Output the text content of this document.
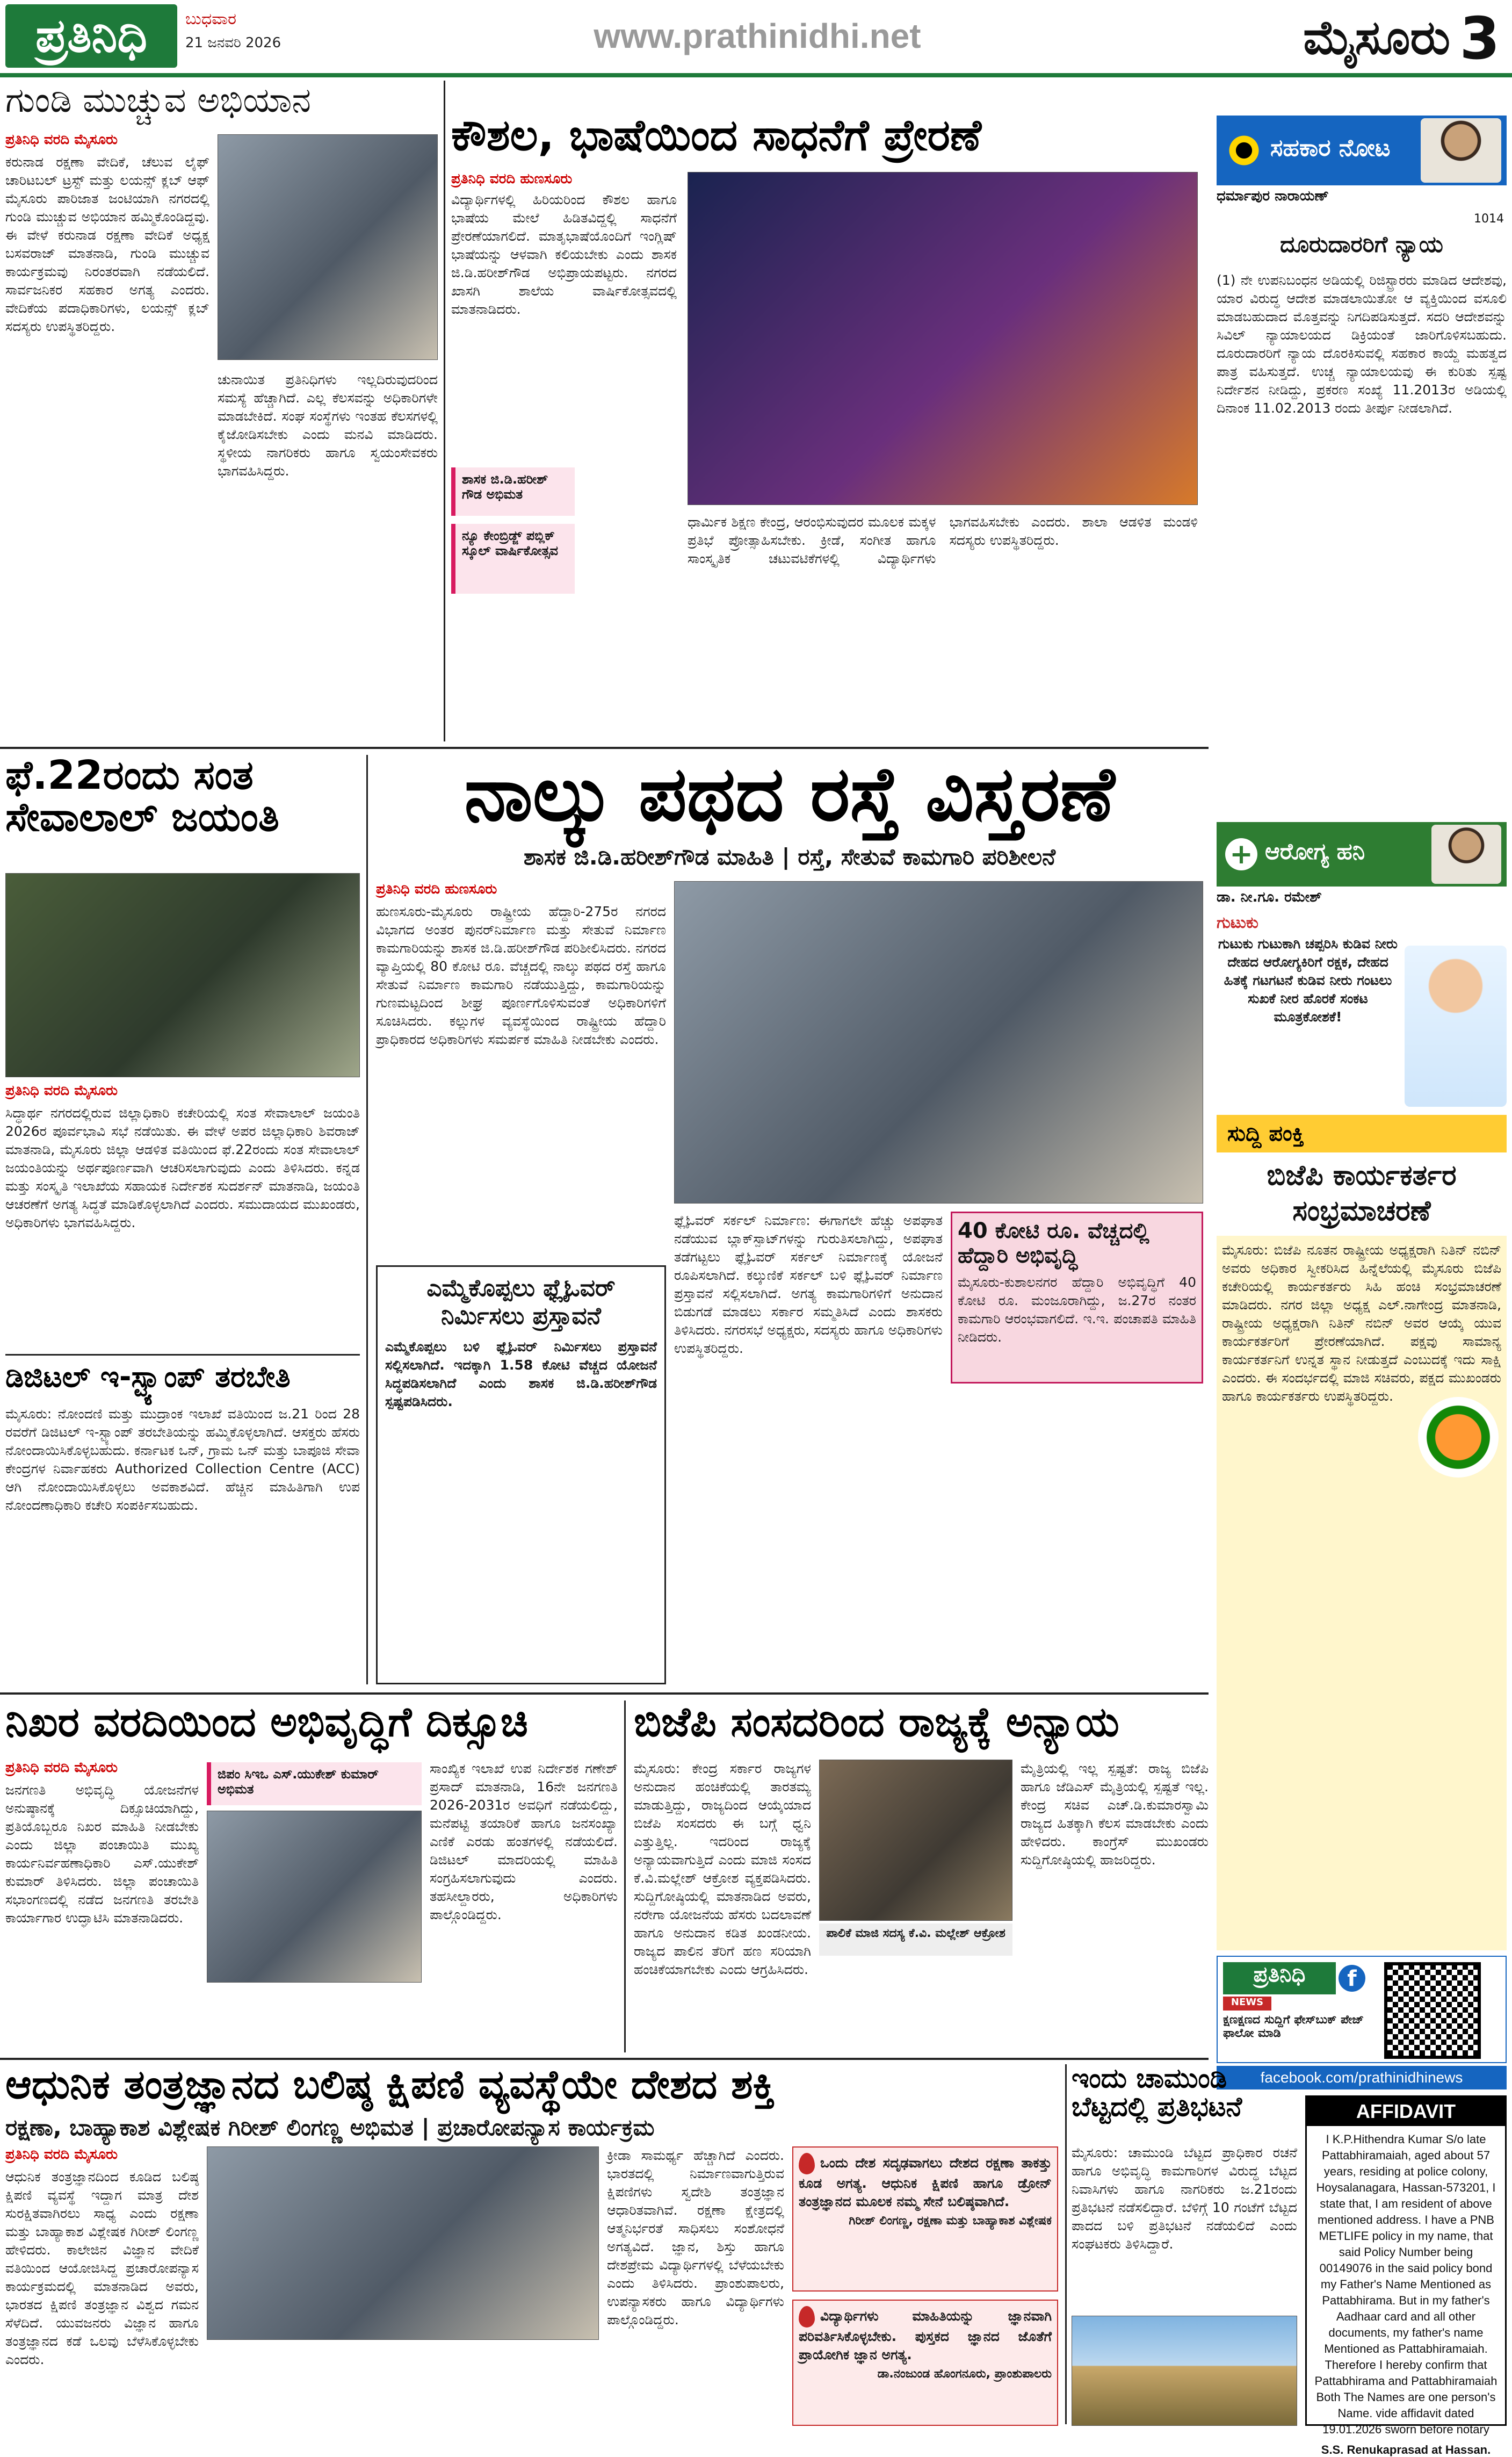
ಪ್ರತಿನಿಧಿ	ಬುಧವಾರ
21 ಜನವರಿ 2026	www.prathinidhi.net	ಮೈಸೂರು 3
ಗುಂಡಿ ಮುಚ್ಚುವ ಅಭಿಯಾನ
ಪ್ರತಿನಿಧಿ ವರದಿ ಮೈಸೂರು
ಕರುನಾಡ ರಕ್ಷಣಾ ವೇದಿಕೆ, ಚೆಲುವ ಲೈಫ್ ಚಾರಿಟಬಲ್ ಟ್ರಸ್ಟ್ ಮತ್ತು ಲಯನ್ಸ್ ಕ್ಲಬ್ ಆಫ್ ಮೈಸೂರು ಪಾರಿಜಾತ ಜಂಟಿಯಾಗಿ ನಗರದಲ್ಲಿ ಗುಂಡಿ ಮುಚ್ಚುವ ಅಭಿಯಾನ ಹಮ್ಮಿಕೊಂಡಿದ್ದವು. ಈ ವೇಳೆ ಕರುನಾಡ ರಕ್ಷಣಾ ವೇದಿಕೆ ಅಧ್ಯಕ್ಷ ಬಸವರಾಜ್ ಮಾತನಾಡಿ, ಗುಂಡಿ ಮುಚ್ಚುವ ಕಾರ್ಯಕ್ರಮವು ನಿರಂತರವಾಗಿ ನಡೆಯಲಿದೆ. ಸಾರ್ವಜನಿಕರ ಸಹಕಾರ ಅಗತ್ಯ ಎಂದರು. ವೇದಿಕೆಯ ಪದಾಧಿಕಾರಿಗಳು, ಲಯನ್ಸ್ ಕ್ಲಬ್ ಸದಸ್ಯರು ಉಪಸ್ಥಿತರಿದ್ದರು.
ಚುನಾಯಿತ ಪ್ರತಿನಿಧಿಗಳು ಇಲ್ಲದಿರುವುದರಿಂದ ಸಮಸ್ಯೆ ಹೆಚ್ಚಾಗಿದೆ. ಎಲ್ಲ ಕೆಲಸವನ್ನು ಅಧಿಕಾರಿಗಳೇ ಮಾಡಬೇಕಿದೆ. ಸಂಘ ಸಂಸ್ಥೆಗಳು ಇಂತಹ ಕೆಲಸಗಳಲ್ಲಿ ಕೈಜೋಡಿಸಬೇಕು ಎಂದು ಮನವಿ ಮಾಡಿದರು. ಸ್ಥಳೀಯ ನಾಗರಿಕರು ಹಾಗೂ ಸ್ವಯಂಸೇವಕರು ಭಾಗವಹಿಸಿದ್ದರು.
ಕೌಶಲ, ಭಾಷೆಯಿಂದ ಸಾಧನೆಗೆ ಪ್ರೇರಣೆ
ಪ್ರತಿನಿಧಿ ವರದಿ ಹುಣಸೂರು
ವಿದ್ಯಾರ್ಥಿಗಳಲ್ಲಿ ಹಿರಿಯರಿಂದ ಕೌಶಲ ಹಾಗೂ ಭಾಷೆಯ ಮೇಲೆ ಹಿಡಿತವಿದ್ದಲ್ಲಿ ಸಾಧನೆಗೆ ಪ್ರೇರಣೆಯಾಗಲಿದೆ. ಮಾತೃಭಾಷೆಯೊಂದಿಗೆ ಇಂಗ್ಲಿಷ್ ಭಾಷೆಯನ್ನು ಆಳವಾಗಿ ಕಲಿಯಬೇಕು ಎಂದು ಶಾಸಕ ಜಿ.ಡಿ.ಹರೀಶ್‌ಗೌಡ ಅಭಿಪ್ರಾಯಪಟ್ಟರು. ನಗರದ ಖಾಸಗಿ ಶಾಲೆಯ ವಾರ್ಷಿಕೋತ್ಸವದಲ್ಲಿ ಮಾತನಾಡಿದರು.
ಶಾಸಕ ಜಿ.ಡಿ.ಹರೀಶ್ ಗೌಡ ಅಭಿಮತ
ನ್ಯೂ ಕೇಂಬ್ರಿಡ್ಜ್ ಪಬ್ಲಿಕ್ ಸ್ಕೂಲ್ ವಾರ್ಷಿಕೋತ್ಸವ
ಧಾರ್ಮಿಕ ಶಿಕ್ಷಣ ಕೇಂದ್ರ, ಆರಂಭಿಸುವುದರ ಮೂಲಕ ಮಕ್ಕಳ ಪ್ರತಿಭೆ ಪ್ರೋತ್ಸಾಹಿಸಬೇಕು. ಕ್ರೀಡೆ, ಸಂಗೀತ ಹಾಗೂ ಸಾಂಸ್ಕೃತಿಕ ಚಟುವಟಿಕೆಗಳಲ್ಲಿ ವಿದ್ಯಾರ್ಥಿಗಳು ಭಾಗವಹಿಸಬೇಕು ಎಂದರು. ಶಾಲಾ ಆಡಳಿತ ಮಂಡಳಿ ಸದಸ್ಯರು ಉಪಸ್ಥಿತರಿದ್ದರು.
ಸಹಕಾರ ನೋಟ
ಧರ್ಮಾಪುರ ನಾರಾಯಣ್
1014
ದೂರುದಾರರಿಗೆ ನ್ಯಾಯ
(1) ನೇ ಉಪನಿಬಂಧನ ಅಡಿಯಲ್ಲಿ ರಿಜಿಸ್ಟ್ರಾರರು ಮಾಡಿದ ಆದೇಶವು, ಯಾರ ವಿರುದ್ಧ ಆದೇಶ ಮಾಡಲಾಯಿತೋ ಆ ವ್ಯಕ್ತಿಯಿಂದ ವಸೂಲಿ ಮಾಡಬಹುದಾದ ಮೊತ್ತವನ್ನು ನಿಗದಿಪಡಿಸುತ್ತದೆ. ಸದರಿ ಆದೇಶವನ್ನು ಸಿವಿಲ್ ನ್ಯಾಯಾಲಯದ ಡಿಕ್ರಿಯಂತೆ ಜಾರಿಗೊಳಿಸಬಹುದು. ದೂರುದಾರರಿಗೆ ನ್ಯಾಯ ದೊರಕಿಸುವಲ್ಲಿ ಸಹಕಾರ ಕಾಯ್ದೆ ಮಹತ್ವದ ಪಾತ್ರ ವಹಿಸುತ್ತದೆ. ಉಚ್ಚ ನ್ಯಾಯಾಲಯವು ಈ ಕುರಿತು ಸ್ಪಷ್ಟ ನಿರ್ದೇಶನ ನೀಡಿದ್ದು, ಪ್ರಕರಣ ಸಂಖ್ಯೆ 11.2013ರ ಅಡಿಯಲ್ಲಿ ದಿನಾಂಕ 11.02.2013 ರಂದು ತೀರ್ಪು ನೀಡಲಾಗಿದೆ.
ಫೆ.22ರಂದು ಸಂತ ಸೇವಾಲಾಲ್ ಜಯಂತಿ
ಪ್ರತಿನಿಧಿ ವರದಿ ಮೈಸೂರು
ಸಿದ್ಧಾರ್ಥ ನಗರದಲ್ಲಿರುವ ಜಿಲ್ಲಾಧಿಕಾರಿ ಕಚೇರಿಯಲ್ಲಿ ಸಂತ ಸೇವಾಲಾಲ್ ಜಯಂತಿ 2026ರ ಪೂರ್ವಭಾವಿ ಸಭೆ ನಡೆಯಿತು. ಈ ವೇಳೆ ಅಪರ ಜಿಲ್ಲಾಧಿಕಾರಿ ಶಿವರಾಜ್ ಮಾತನಾಡಿ, ಮೈಸೂರು ಜಿಲ್ಲಾ ಆಡಳಿತ ವತಿಯಿಂದ ಫೆ.22ರಂದು ಸಂತ ಸೇವಾಲಾಲ್ ಜಯಂತಿಯನ್ನು ಅರ್ಥಪೂರ್ಣವಾಗಿ ಆಚರಿಸಲಾಗುವುದು ಎಂದು ತಿಳಿಸಿದರು. ಕನ್ನಡ ಮತ್ತು ಸಂಸ್ಕೃತಿ ಇಲಾಖೆಯ ಸಹಾಯಕ ನಿರ್ದೇಶಕ ಸುದರ್ಶನ್ ಮಾತನಾಡಿ, ಜಯಂತಿ ಆಚರಣೆಗೆ ಅಗತ್ಯ ಸಿದ್ಧತೆ ಮಾಡಿಕೊಳ್ಳಲಾಗಿದೆ ಎಂದರು. ಸಮುದಾಯದ ಮುಖಂಡರು, ಅಧಿಕಾರಿಗಳು ಭಾಗವಹಿಸಿದ್ದರು.
ಡಿಜಿಟಲ್ ಇ-ಸ್ಟ್ಯಾಂಪ್ ತರಬೇತಿ
ಮೈಸೂರು: ನೋಂದಣಿ ಮತ್ತು ಮುದ್ರಾಂಕ ಇಲಾಖೆ ವತಿಯಿಂದ ಜ.21 ರಿಂದ 28 ರವರೆಗೆ ಡಿಜಿಟಲ್ ಇ-ಸ್ಟ್ಯಾಂಪ್ ತರಬೇತಿಯನ್ನು ಹಮ್ಮಿಕೊಳ್ಳಲಾಗಿದೆ. ಆಸಕ್ತರು ಹೆಸರು ನೋಂದಾಯಿಸಿಕೊಳ್ಳಬಹುದು. ಕರ್ನಾಟಕ ಒನ್, ಗ್ರಾಮ ಒನ್ ಮತ್ತು ಬಾಪೂಜಿ ಸೇವಾ ಕೇಂದ್ರಗಳ ನಿರ್ವಾಹಕರು Authorized Collection Centre (ACC) ಆಗಿ ನೋಂದಾಯಿಸಿಕೊಳ್ಳಲು ಅವಕಾಶವಿದೆ. ಹೆಚ್ಚಿನ ಮಾಹಿತಿಗಾಗಿ ಉಪ ನೋಂದಣಾಧಿಕಾರಿ ಕಚೇರಿ ಸಂಪರ್ಕಿಸಬಹುದು.
ನಾಲ್ಕು ಪಥದ ರಸ್ತೆ ವಿಸ್ತರಣೆ
ಶಾಸಕ ಜಿ.ಡಿ.ಹರೀಶ್‌ಗೌಡ ಮಾಹಿತಿ | ರಸ್ತೆ, ಸೇತುವೆ ಕಾಮಗಾರಿ ಪರಿಶೀಲನೆ
ಪ್ರತಿನಿಧಿ ವರದಿ ಹುಣಸೂರು
ಹುಣಸೂರು-ಮೈಸೂರು ರಾಷ್ಟ್ರೀಯ ಹೆದ್ದಾರಿ-275ರ ನಗರದ ವಿಭಾಗದ ಅಂತರ ಪುನರ್‌ನಿರ್ಮಾಣ ಮತ್ತು ಸೇತುವೆ ನಿರ್ಮಾಣ ಕಾಮಗಾರಿಯನ್ನು ಶಾಸಕ ಜಿ.ಡಿ.ಹರೀಶ್‌ಗೌಡ ಪರಿಶೀಲಿಸಿದರು. ನಗರದ ವ್ಯಾಪ್ತಿಯಲ್ಲಿ 80 ಕೋಟಿ ರೂ. ವೆಚ್ಚದಲ್ಲಿ ನಾಲ್ಕು ಪಥದ ರಸ್ತೆ ಹಾಗೂ ಸೇತುವೆ ನಿರ್ಮಾಣ ಕಾಮಗಾರಿ ನಡೆಯುತ್ತಿದ್ದು, ಕಾಮಗಾರಿಯನ್ನು ಗುಣಮಟ್ಟದಿಂದ ಶೀಘ್ರ ಪೂರ್ಣಗೊಳಿಸುವಂತೆ ಅಧಿಕಾರಿಗಳಿಗೆ ಸೂಚಿಸಿದರು. ಕಲ್ಲುಗಳ ವ್ಯವಸ್ಥೆಯಿಂದ ರಾಷ್ಟ್ರೀಯ ಹೆದ್ದಾರಿ ಪ್ರಾಧಿಕಾರದ ಅಧಿಕಾರಿಗಳು ಸಮರ್ಪಕ ಮಾಹಿತಿ ನೀಡಬೇಕು ಎಂದರು.
ಫ್ಲೈಓವರ್ ಸರ್ಕಲ್ ನಿರ್ಮಾಣ: ಈಗಾಗಲೇ ಹೆಚ್ಚು ಅಪಘಾತ ನಡೆಯುವ ಬ್ಲಾಕ್‌ಸ್ಪಾಟ್‌ಗಳನ್ನು ಗುರುತಿಸಲಾಗಿದ್ದು, ಅಪಘಾತ ತಡೆಗಟ್ಟಲು ಫ್ಲೈಓವರ್ ಸರ್ಕಲ್ ನಿರ್ಮಾಣಕ್ಕೆ ಯೋಜನೆ ರೂಪಿಸಲಾಗಿದೆ. ಕಲ್ಕುಣಿಕೆ ಸರ್ಕಲ್ ಬಳಿ ಫ್ಲೈಓವರ್ ನಿರ್ಮಾಣ ಪ್ರಸ್ತಾವನೆ ಸಲ್ಲಿಸಲಾಗಿದೆ. ಅಗತ್ಯ ಕಾಮಗಾರಿಗಳಿಗೆ ಅನುದಾನ ಬಿಡುಗಡೆ ಮಾಡಲು ಸರ್ಕಾರ ಸಮ್ಮತಿಸಿದೆ ಎಂದು ಶಾಸಕರು ತಿಳಿಸಿದರು. ನಗರಸಭೆ ಅಧ್ಯಕ್ಷರು, ಸದಸ್ಯರು ಹಾಗೂ ಅಧಿಕಾರಿಗಳು ಉಪಸ್ಥಿತರಿದ್ದರು.
40 ಕೋಟಿ ರೂ. ವೆಚ್ಚದಲ್ಲಿ ಹೆದ್ದಾರಿ ಅಭಿವೃದ್ಧಿ
ಮೈಸೂರು-ಕುಶಾಲನಗರ ಹೆದ್ದಾರಿ ಅಭಿವೃದ್ಧಿಗೆ 40 ಕೋಟಿ ರೂ. ಮಂಜೂರಾಗಿದ್ದು, ಜ.27ರ ನಂತರ ಕಾಮಗಾರಿ ಆರಂಭವಾಗಲಿದೆ. ಇ.ಇ. ಪಂಚಾಪತಿ ಮಾಹಿತಿ ನೀಡಿದರು.
ಎಮ್ಮೆಕೊಪ್ಪಲು ಫ್ಲೈಓವರ್ ನಿರ್ಮಿಸಲು ಪ್ರಸ್ತಾವನೆ
ಎಮ್ಮೆಕೊಪ್ಪಲು ಬಳಿ ಫ್ಲೈಓವರ್ ನಿರ್ಮಿಸಲು ಪ್ರಸ್ತಾವನೆ ಸಲ್ಲಿಸಲಾಗಿದೆ. ಇದಕ್ಕಾಗಿ 1.58 ಕೋಟಿ ವೆಚ್ಚದ ಯೋಜನೆ ಸಿದ್ಧಪಡಿಸಲಾಗಿದೆ ಎಂದು ಶಾಸಕ ಜಿ.ಡಿ.ಹರೀಶ್‌ಗೌಡ ಸ್ಪಷ್ಟಪಡಿಸಿದರು.
+ ಆರೋಗ್ಯ ಹನಿ
ಡಾ. ನೀ.ಗೂ. ರಮೇಶ್
ಗುಟುಕು
ಗುಟುಕು ಗುಟುಕಾಗಿ ಚಪ್ಪರಿಸಿ ಕುಡಿವ ನೀರು ದೇಹದ ಆರೋಗ್ಯಕಿರಿಗೆ ರಕ್ಷಕ, ದೇಹದ ಹಿತಕ್ಕೆ ಗಟಗಟನೆ ಕುಡಿವ ನೀರು ಗಂಟಲು ಸುಖಕೆ ನೀರ ಹೊರಕೆ ಸಂಕಟ ಮೂತ್ರಕೋಶಕೆ!
ಸುದ್ದಿ ಪಂಕ್ತಿ
ಬಿಜೆಪಿ ಕಾರ್ಯಕರ್ತರ ಸಂಭ್ರಮಾಚರಣೆ
ಮೈಸೂರು: ಬಿಜೆಪಿ ನೂತನ ರಾಷ್ಟ್ರೀಯ ಅಧ್ಯಕ್ಷರಾಗಿ ನಿತಿನ್ ನಬಿನ್ ಅವರು ಅಧಿಕಾರ ಸ್ವೀಕರಿಸಿದ ಹಿನ್ನೆಲೆಯಲ್ಲಿ ಮೈಸೂರು ಬಿಜೆಪಿ ಕಚೇರಿಯಲ್ಲಿ ಕಾರ್ಯಕರ್ತರು ಸಿಹಿ ಹಂಚಿ ಸಂಭ್ರಮಾಚರಣೆ ಮಾಡಿದರು. ನಗರ ಜಿಲ್ಲಾ ಅಧ್ಯಕ್ಷ ಎಲ್.ನಾಗೇಂದ್ರ ಮಾತನಾಡಿ, ರಾಷ್ಟ್ರೀಯ ಅಧ್ಯಕ್ಷರಾಗಿ ನಿತಿನ್ ನಬಿನ್ ಅವರ ಆಯ್ಕೆ ಯುವ ಕಾರ್ಯಕರ್ತರಿಗೆ ಪ್ರೇರಣೆಯಾಗಿದೆ. ಪಕ್ಷವು ಸಾಮಾನ್ಯ ಕಾರ್ಯಕರ್ತನಿಗೆ ಉನ್ನತ ಸ್ಥಾನ ನೀಡುತ್ತದೆ ಎಂಬುದಕ್ಕೆ ಇದು ಸಾಕ್ಷಿ ಎಂದರು. ಈ ಸಂದರ್ಭದಲ್ಲಿ ಮಾಜಿ ಸಚಿವರು, ಪಕ್ಷದ ಮುಖಂಡರು ಹಾಗೂ ಕಾರ್ಯಕರ್ತರು ಉಪಸ್ಥಿತರಿದ್ದರು.
ನಿಖರ ವರದಿಯಿಂದ ಅಭಿವೃದ್ಧಿಗೆ ದಿಕ್ಸೂಚಿ
ಪ್ರತಿನಿಧಿ ವರದಿ ಮೈಸೂರು
ಜನಗಣತಿ ಅಭಿವೃದ್ಧಿ ಯೋಜನೆಗಳ ಅನುಷ್ಠಾನಕ್ಕೆ ದಿಕ್ಸೂಚಿಯಾಗಿದ್ದು, ಪ್ರತಿಯೊಬ್ಬರೂ ನಿಖರ ಮಾಹಿತಿ ನೀಡಬೇಕು ಎಂದು ಜಿಲ್ಲಾ ಪಂಚಾಯಿತಿ ಮುಖ್ಯ ಕಾರ್ಯನಿರ್ವಹಣಾಧಿಕಾರಿ ಎಸ್.ಯುಕೇಶ್ ಕುಮಾರ್ ತಿಳಿಸಿದರು. ಜಿಲ್ಲಾ ಪಂಚಾಯಿತಿ ಸಭಾಂಗಣದಲ್ಲಿ ನಡೆದ ಜನಗಣತಿ ತರಬೇತಿ ಕಾರ್ಯಾಗಾರ ಉದ್ಘಾಟಿಸಿ ಮಾತನಾಡಿದರು.
ಜಿಪಂ ಸಿಇಒ ಎಸ್.ಯುಕೇಶ್ ಕುಮಾರ್ ಅಭಿಮತ
ಸಾಂಖ್ಯಿಕ ಇಲಾಖೆ ಉಪ ನಿರ್ದೇಶಕ ಗಣೇಶ್ ಪ್ರಸಾದ್ ಮಾತನಾಡಿ, 16ನೇ ಜನಗಣತಿ 2026-2031ರ ಅವಧಿಗೆ ನಡೆಯಲಿದ್ದು, ಮನೆಪಟ್ಟಿ ತಯಾರಿಕೆ ಹಾಗೂ ಜನಸಂಖ್ಯಾ ಎಣಿಕೆ ಎರಡು ಹಂತಗಳಲ್ಲಿ ನಡೆಯಲಿದೆ. ಡಿಜಿಟಲ್ ಮಾದರಿಯಲ್ಲಿ ಮಾಹಿತಿ ಸಂಗ್ರಹಿಸಲಾಗುವುದು ಎಂದರು. ತಹಸೀಲ್ದಾರರು, ಅಧಿಕಾರಿಗಳು ಪಾಲ್ಗೊಂಡಿದ್ದರು.
ಬಿಜೆಪಿ ಸಂಸದರಿಂದ ರಾಜ್ಯಕ್ಕೆ ಅನ್ಯಾಯ
ಮೈಸೂರು: ಕೇಂದ್ರ ಸರ್ಕಾರ ರಾಜ್ಯಗಳ ಅನುದಾನ ಹಂಚಿಕೆಯಲ್ಲಿ ತಾರತಮ್ಯ ಮಾಡುತ್ತಿದ್ದು, ರಾಜ್ಯದಿಂದ ಆಯ್ಕೆಯಾದ ಬಿಜೆಪಿ ಸಂಸದರು ಈ ಬಗ್ಗೆ ಧ್ವನಿ ಎತ್ತುತ್ತಿಲ್ಲ. ಇದರಿಂದ ರಾಜ್ಯಕ್ಕೆ ಅನ್ಯಾಯವಾಗುತ್ತಿದೆ ಎಂದು ಮಾಜಿ ಸಂಸದ ಕೆ.ವಿ.ಮಲ್ಲೇಶ್ ಆಕ್ರೋಶ ವ್ಯಕ್ತಪಡಿಸಿದರು. ಸುದ್ದಿಗೋಷ್ಠಿಯಲ್ಲಿ ಮಾತನಾಡಿದ ಅವರು, ನರೇಗಾ ಯೋಜನೆಯ ಹೆಸರು ಬದಲಾವಣೆ ಹಾಗೂ ಅನುದಾನ ಕಡಿತ ಖಂಡನೀಯ. ರಾಜ್ಯದ ಪಾಲಿನ ತೆರಿಗೆ ಹಣ ಸರಿಯಾಗಿ ಹಂಚಿಕೆಯಾಗಬೇಕು ಎಂದು ಆಗ್ರಹಿಸಿದರು.
ಪಾಲಿಕೆ ಮಾಜಿ ಸದಸ್ಯ ಕೆ.ವಿ. ಮಲ್ಲೇಶ್ ಆಕ್ರೋಶ
ಮೈತ್ರಿಯಲ್ಲಿ ಇಲ್ಲ ಸ್ಪಷ್ಟತೆ: ರಾಜ್ಯ ಬಿಜೆಪಿ ಹಾಗೂ ಜೆಡಿಎಸ್ ಮೈತ್ರಿಯಲ್ಲಿ ಸ್ಪಷ್ಟತೆ ಇಲ್ಲ. ಕೇಂದ್ರ ಸಚಿವ ಎಚ್.ಡಿ.ಕುಮಾರಸ್ವಾಮಿ ರಾಜ್ಯದ ಹಿತಕ್ಕಾಗಿ ಕೆಲಸ ಮಾಡಬೇಕು ಎಂದು ಹೇಳಿದರು. ಕಾಂಗ್ರೆಸ್ ಮುಖಂಡರು ಸುದ್ದಿಗೋಷ್ಠಿಯಲ್ಲಿ ಹಾಜರಿದ್ದರು.
ಪ್ರತಿನಿಧಿ
NEWS
f
ಕ್ಷಣಕ್ಷಣದ ಸುದ್ದಿಗೆ ಫೇಸ್‌ಬುಕ್ ಪೇಜ್ ಫಾಲೋ ಮಾಡಿ
facebook.com/prathinidhinews
ಆಧುನಿಕ ತಂತ್ರಜ್ಞಾನದ ಬಲಿಷ್ಠ ಕ್ಷಿಪಣಿ ವ್ಯವಸ್ಥೆಯೇ ದೇಶದ ಶಕ್ತಿ
ರಕ್ಷಣಾ, ಬಾಹ್ಯಾಕಾಶ ವಿಶ್ಲೇಷಕ ಗಿರೀಶ್ ಲಿಂಗಣ್ಣ ಅಭಿಮತ | ಪ್ರಚಾರೋಪನ್ಯಾಸ ಕಾರ್ಯಕ್ರಮ
ಪ್ರತಿನಿಧಿ ವರದಿ ಮೈಸೂರು
ಆಧುನಿಕ ತಂತ್ರಜ್ಞಾನದಿಂದ ಕೂಡಿದ ಬಲಿಷ್ಠ ಕ್ಷಿಪಣಿ ವ್ಯವಸ್ಥೆ ಇದ್ದಾಗ ಮಾತ್ರ ದೇಶ ಸುರಕ್ಷಿತವಾಗಿರಲು ಸಾಧ್ಯ ಎಂದು ರಕ್ಷಣಾ ಮತ್ತು ಬಾಹ್ಯಾಕಾಶ ವಿಶ್ಲೇಷಕ ಗಿರೀಶ್ ಲಿಂಗಣ್ಣ ಹೇಳಿದರು. ಕಾಲೇಜಿನ ವಿಜ್ಞಾನ ವೇದಿಕೆ ವತಿಯಿಂದ ಆಯೋಜಿಸಿದ್ದ ಪ್ರಚಾರೋಪನ್ಯಾಸ ಕಾರ್ಯಕ್ರಮದಲ್ಲಿ ಮಾತನಾಡಿದ ಅವರು, ಭಾರತದ ಕ್ಷಿಪಣಿ ತಂತ್ರಜ್ಞಾನ ವಿಶ್ವದ ಗಮನ ಸೆಳೆದಿದೆ. ಯುವಜನರು ವಿಜ್ಞಾನ ಹಾಗೂ ತಂತ್ರಜ್ಞಾನದ ಕಡೆ ಒಲವು ಬೆಳೆಸಿಕೊಳ್ಳಬೇಕು ಎಂದರು.
ಕ್ರೀಡಾ ಸಾಮರ್ಥ್ಯ ಹೆಚ್ಚಾಗಿದೆ ಎಂದರು. ಭಾರತದಲ್ಲಿ ನಿರ್ಮಾಣವಾಗುತ್ತಿರುವ ಕ್ಷಿಪಣಿಗಳು ಸ್ವದೇಶಿ ತಂತ್ರಜ್ಞಾನ ಆಧಾರಿತವಾಗಿವೆ. ರಕ್ಷಣಾ ಕ್ಷೇತ್ರದಲ್ಲಿ ಆತ್ಮನಿರ್ಭರತೆ ಸಾಧಿಸಲು ಸಂಶೋಧನೆ ಅಗತ್ಯವಿದೆ. ಜ್ಞಾನ, ಶಿಸ್ತು ಹಾಗೂ ದೇಶಪ್ರೇಮ ವಿದ್ಯಾರ್ಥಿಗಳಲ್ಲಿ ಬೆಳೆಯಬೇಕು ಎಂದು ತಿಳಿಸಿದರು. ಪ್ರಾಂಶುಪಾಲರು, ಉಪನ್ಯಾಸಕರು ಹಾಗೂ ವಿದ್ಯಾರ್ಥಿಗಳು ಪಾಲ್ಗೊಂಡಿದ್ದರು.
ಒಂದು ದೇಶ ಸದೃಢವಾಗಲು ದೇಶದ ರಕ್ಷಣಾ ತಾಕತ್ತು ಕೂಡ ಅಗತ್ಯ. ಆಧುನಿಕ ಕ್ಷಿಪಣಿ ಹಾಗೂ ಡ್ರೋನ್ ತಂತ್ರಜ್ಞಾನದ ಮೂಲಕ ನಮ್ಮ ಸೇನೆ ಬಲಿಷ್ಠವಾಗಿದೆ.
ಗಿರೀಶ್ ಲಿಂಗಣ್ಣ, ರಕ್ಷಣಾ ಮತ್ತು ಬಾಹ್ಯಾಕಾಶ ವಿಶ್ಲೇಷಕ
ವಿದ್ಯಾರ್ಥಿಗಳು ಮಾಹಿತಿಯನ್ನು ಜ್ಞಾನವಾಗಿ ಪರಿವರ್ತಿಸಿಕೊಳ್ಳಬೇಕು. ಪುಸ್ತಕದ ಜ್ಞಾನದ ಜೊತೆಗೆ ಪ್ರಾಯೋಗಿಕ ಜ್ಞಾನ ಅಗತ್ಯ.
ಡಾ.ನಂಜುಂಡ ಹೊಂಗನೂರು, ಪ್ರಾಂಶುಪಾಲರು
ಇಂದು ಚಾಮುಂಡಿ ಬೆಟ್ಟದಲ್ಲಿ ಪ್ರತಿಭಟನೆ
ಮೈಸೂರು: ಚಾಮುಂಡಿ ಬೆಟ್ಟದ ಪ್ರಾಧಿಕಾರ ರಚನೆ ಹಾಗೂ ಅಭಿವೃದ್ಧಿ ಕಾಮಗಾರಿಗಳ ವಿರುದ್ಧ ಬೆಟ್ಟದ ನಿವಾಸಿಗಳು ಹಾಗೂ ನಾಗರಿಕರು ಜ.21ರಂದು ಪ್ರತಿಭಟನೆ ನಡೆಸಲಿದ್ದಾರೆ. ಬೆಳಿಗ್ಗೆ 10 ಗಂಟೆಗೆ ಬೆಟ್ಟದ ಪಾದದ ಬಳಿ ಪ್ರತಿಭಟನೆ ನಡೆಯಲಿದೆ ಎಂದು ಸಂಘಟಕರು ತಿಳಿಸಿದ್ದಾರೆ.
AFFIDAVIT
I K.P.Hithendra Kumar S/o late Pattabhiramaiah, aged about 57 years, residing at police colony, Hoysalanagara, Hassan-573201, I state that, I am resident of above mentioned address. I have a PNB METLIFE policy in my name, that said Policy Number being 00149076 in the said policy bond my Father's Name Mentioned as Pattabhirama. But in my father's Aadhaar card and all other documents, my father's name Mentioned as Pattabhiramaiah. Therefore I hereby confirm that Pattabhirama and Pattabhiramaiah Both The Names are one person's Name. vide affidavit dated 19.01.2026 sworn before notary
S.S. Renukaprasad at Hassan.
